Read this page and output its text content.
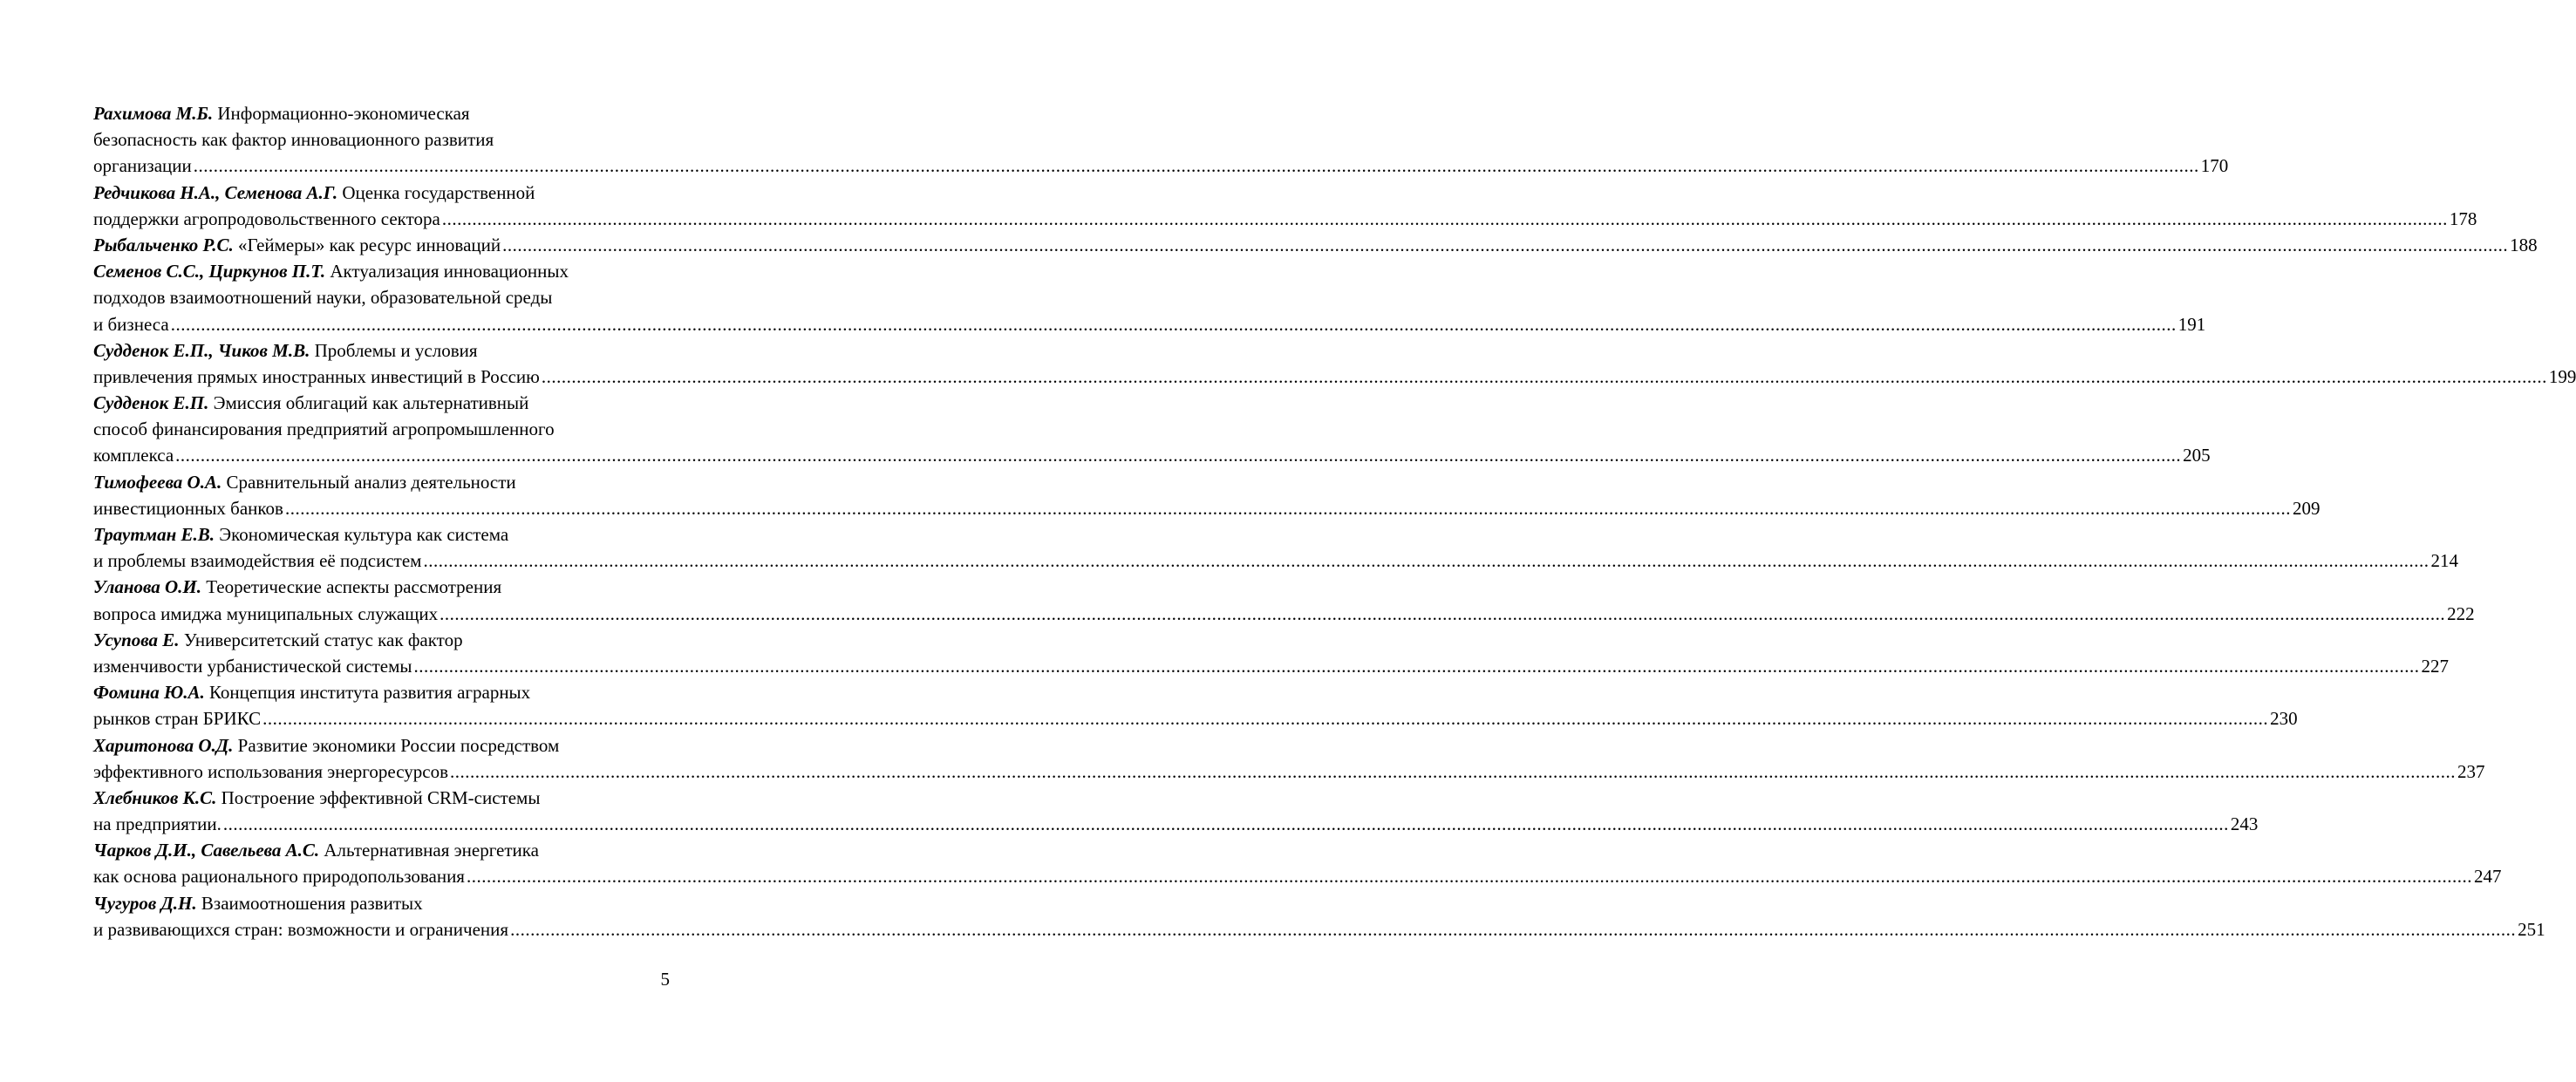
Рахимова М.Б. Информационно-экономическая
безопасность как фактор инновационного развития
организации ................................................................................................................................................................................................................................................................................................................................................................................................................ 170
Редчикова Н.А., Семенова А.Г. Оценка государственной
поддержки агропродовольственного сектора ................................................................................................................................................................................................................................................................................................................................................................................................................ 178
Рыбальченко Р.С. «Геймеры» как ресурс инноваций ................................................................................................................................................................................................................................................................................................................................................................................................................ 188
Семенов С.С., Циркунов П.Т. Актуализация инновационных
подходов взаимоотношений науки, образовательной среды
и бизнеса ................................................................................................................................................................................................................................................................................................................................................................................................................ 191
Судденок Е.П., Чиков М.В. Проблемы и условия
привлечения прямых иностранных инвестиций в Россию ................................................................................................................................................................................................................................................................................................................................................................................................................ 199
Судденок Е.П. Эмиссия облигаций как альтернативный
способ финансирования предприятий агропромышленного
комплекса ................................................................................................................................................................................................................................................................................................................................................................................................................ 205
Тимофеева О.А. Сравнительный анализ деятельности
инвестиционных банков ................................................................................................................................................................................................................................................................................................................................................................................................................ 209
Траутман Е.В. Экономическая культура как система
и проблемы взаимодействия её подсистем ................................................................................................................................................................................................................................................................................................................................................................................................................ 214
Уланова О.И. Теоретические аспекты рассмотрения
вопроса имиджа муниципальных служащих ................................................................................................................................................................................................................................................................................................................................................................................................................ 222
Усупова Е. Университетский статус как фактор
изменчивости урбанистической системы ................................................................................................................................................................................................................................................................................................................................................................................................................ 227
Фомина Ю.А. Концепция института развития аграрных
рынков стран БРИКС ................................................................................................................................................................................................................................................................................................................................................................................................................ 230
Харитонова О.Д. Развитие экономики России посредством
эффективного использования энергоресурсов ................................................................................................................................................................................................................................................................................................................................................................................................................ 237
Хлебников К.С. Построение эффективной CRM-системы
на предприятии. ................................................................................................................................................................................................................................................................................................................................................................................................................ 243
Чарков Д.И., Савельева А.С. Альтернативная энергетика
как основа рационального природопользования ................................................................................................................................................................................................................................................................................................................................................................................................................ 247
Чугуров Д.Н. Взаимоотношения развитых
и развивающихся стран: возможности и ограничения ................................................................................................................................................................................................................................................................................................................................................................................................................ 251
5
